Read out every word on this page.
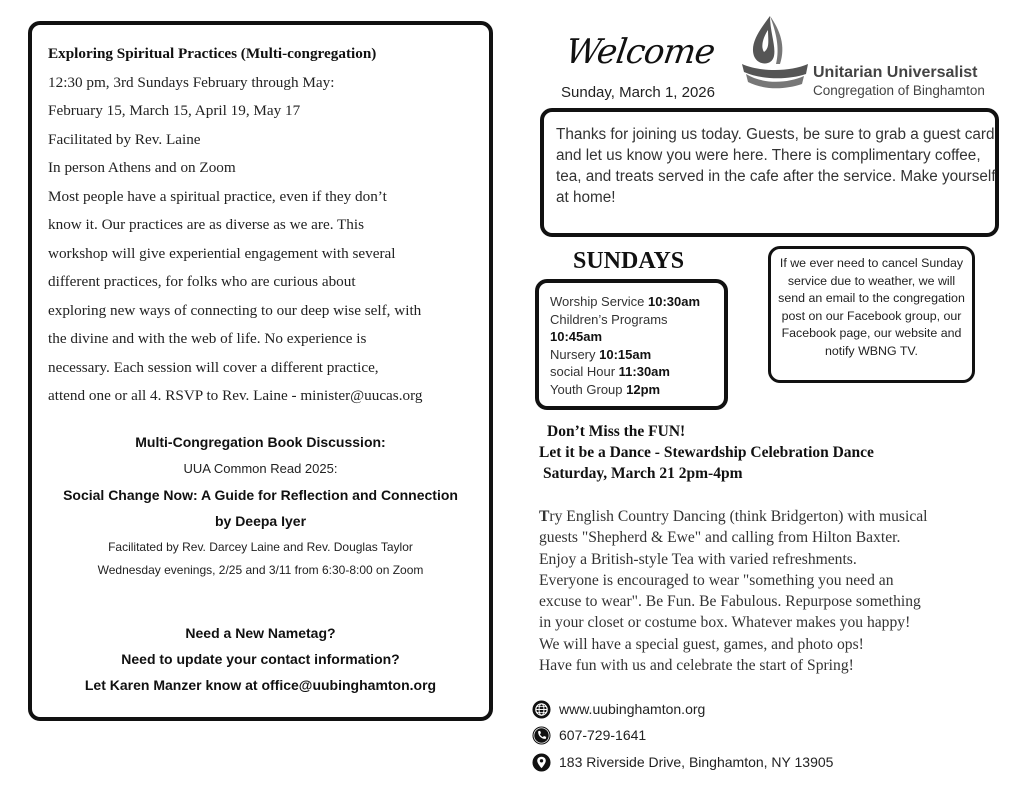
Exploring Spiritual Practices (Multi-congregation)
12:30 pm, 3rd Sundays February through May:
February 15, March 15, April 19, May 17
Facilitated by Rev. Laine
In person Athens and on Zoom
Most people have a spiritual practice, even if they don’t
know it. Our practices are as diverse as we are. This
workshop will give experiential engagement with several
different practices, for folks who are curious about
exploring new ways of connecting to our deep wise self, with
the divine and with the web of life. No experience is
necessary. Each session will cover a different practice,
attend one or all 4. RSVP to Rev. Laine - minister@uucas.org
Multi-Congregation Book Discussion:
UUA Common Read 2025:
Social Change Now: A Guide for Reflection and Connection
by Deepa Iyer
Facilitated by Rev. Darcey Laine and Rev. Douglas Taylor
Wednesday evenings, 2/25 and 3/11 from 6:30-8:00 on Zoom
Need a New Nametag?
Need to update your contact information?
Let Karen Manzer know at office@uubinghamton.org
Welcome
Sunday, March 1, 2026
Unitarian Universalist
Congregation of Binghamton
Thanks for joining us today. Guests, be sure to grab a guest card and let us know you were here. There is complimentary coffee, tea, and treats served in the cafe after the service. Make yourself at home!
SUNDAYS
Worship Service 10:30am
Children’s Programs
10:45am
Nursery 10:15am
social Hour 11:30am
Youth Group 12pm
If we ever need to cancel Sunday service due to weather, we will send an email to the congregation post on our Facebook group, our Facebook page, our website and notify WBNG TV.
Don’t Miss the FUN!
Let it be a Dance - Stewardship Celebration Dance
Saturday, March 21 2pm-4pm
Try English Country Dancing (think Bridgerton) with musical
guests "Shepherd & Ewe" and calling from Hilton Baxter.
Enjoy a British-style Tea with varied refreshments.
Everyone is encouraged to wear "something you need an
excuse to wear". Be Fun. Be Fabulous. Repurpose something
in your closet or costume box. Whatever makes you happy!
We will have a special guest, games, and photo ops!
Have fun with us and celebrate the start of Spring!
www.uubinghamton.org
607-729-1641
183 Riverside Drive, Binghamton, NY 13905
